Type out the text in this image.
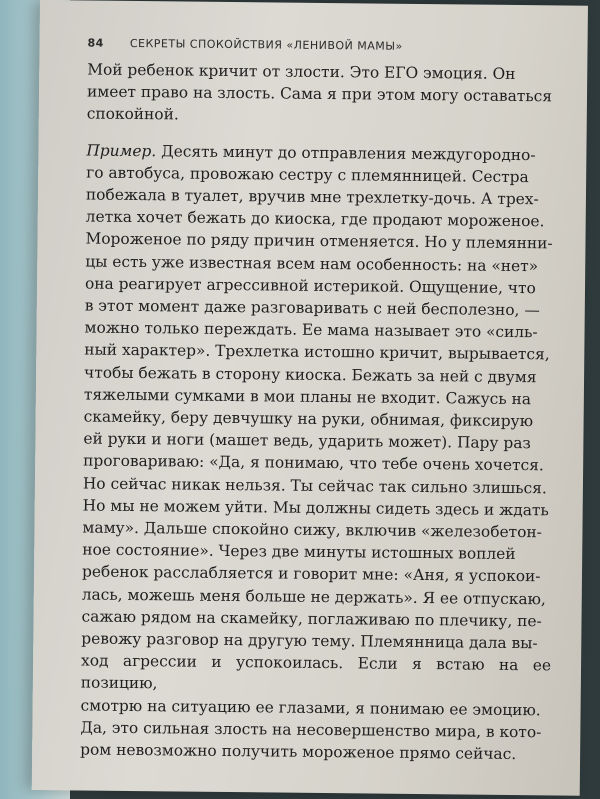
84 СЕКРЕТЫ СПОКОЙСТВИЯ «ЛЕНИВОЙ МАМЫ»

Мой ребенок кричит от злости. Это ЕГО эмоция. Он
имеет право на злость. Сама я при этом могу оставаться
спокойной.

Пример. Десять минут до отправления междугородно-
го автобуса, провожаю сестру с племянницей. Сестра
побежала в туалет, вручив мне трехлетку-дочь. А трех-
летка хочет бежать до киоска, где продают мороженое.
Мороженое по ряду причин отменяется. Но у племянни-
цы есть уже известная всем нам особенность: на «нет»
она реагирует агрессивной истерикой. Ощущение, что
в этот момент даже разговаривать с ней бесполезно, —
можно только переждать. Ее мама называет это «силь-
ный характер». Трехлетка истошно кричит, вырывается,
чтобы бежать в сторону киоска. Бежать за ней с двумя
тяжелыми сумками в мои планы не входит. Сажусь на
скамейку, беру девчушку на руки, обнимая, фиксирую
ей руки и ноги (машет ведь, ударить может). Пару раз
проговариваю: «Да, я понимаю, что тебе очень хочется.
Но сейчас никак нельзя. Ты сейчас так сильно злишься.
Но мы не можем уйти. Мы должны сидеть здесь и ждать
маму». Дальше спокойно сижу, включив «железобетон-
ное состояние». Через две минуты истошных воплей
ребенок расслабляется и говорит мне: «Аня, я успокои-
лась, можешь меня больше не держать». Я ее отпускаю,
сажаю рядом на скамейку, поглаживаю по плечику, пе-
ревожу разговор на другую тему. Племянница дала вы-
ход агрессии и успокоилась. Если я встаю на ее позицию,
смотрю на ситуацию ее глазами, я понимаю ее эмоцию.
Да, это сильная злость на несовершенство мира, в кото-
ром невозможно получить мороженое прямо сейчас.
